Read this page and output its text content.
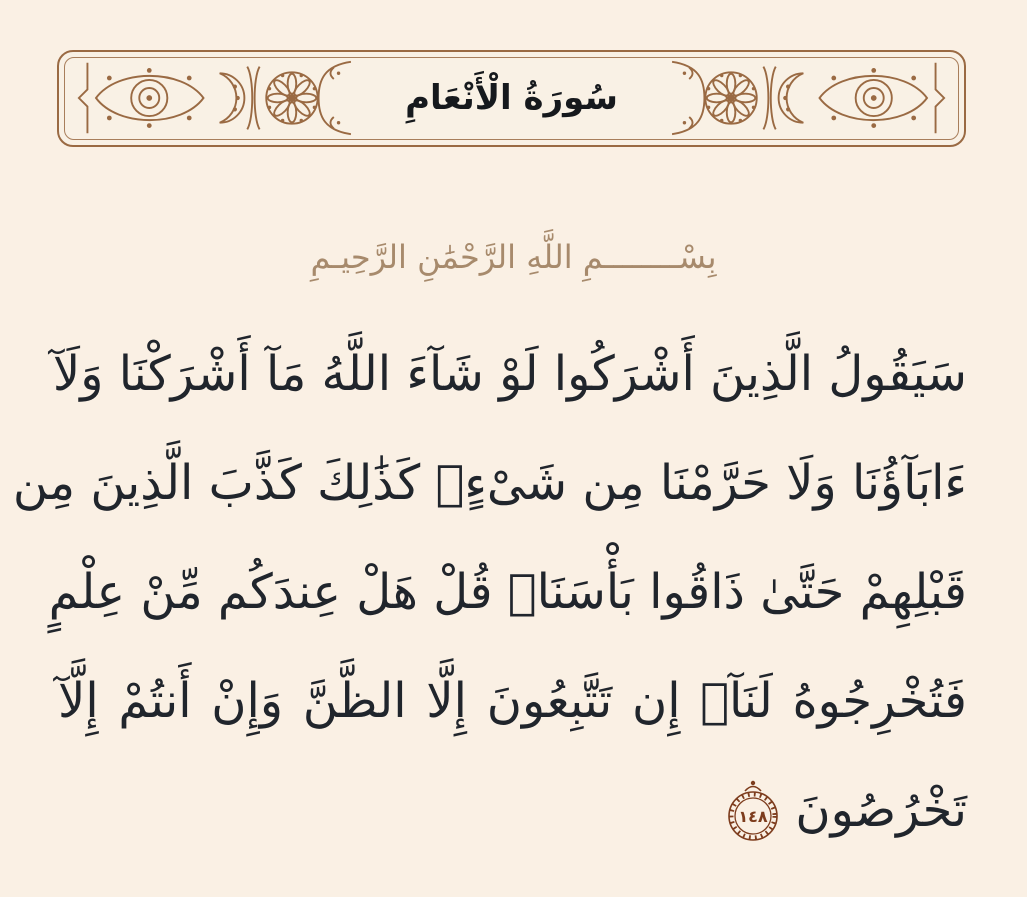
سُورَةُ الْأَنْعَامِ
بِسْــــــــمِ اللَّهِ الرَّحْمَٰنِ الرَّحِيـمِ
سَيَقُولُ الَّذِينَ أَشْرَكُوا لَوْ شَآءَ اللَّهُ مَآ أَشْرَكْنَا وَلَآ
ءَابَآؤُنَا وَلَا حَرَّمْنَا مِن شَىْءٍۚ كَذَٰلِكَ كَذَّبَ الَّذِينَ مِن
قَبْلِهِمْ حَتَّىٰ ذَاقُوا بَأْسَنَاۗ قُلْ هَلْ عِندَكُم مِّنْ عِلْمٍ
فَتُخْرِجُوهُ لَنَآۖ إِن تَتَّبِعُونَ إِلَّا الظَّنَّ وَإِنْ أَنتُمْ إِلَّآ
تَخْرُصُونَ
١٤٨
